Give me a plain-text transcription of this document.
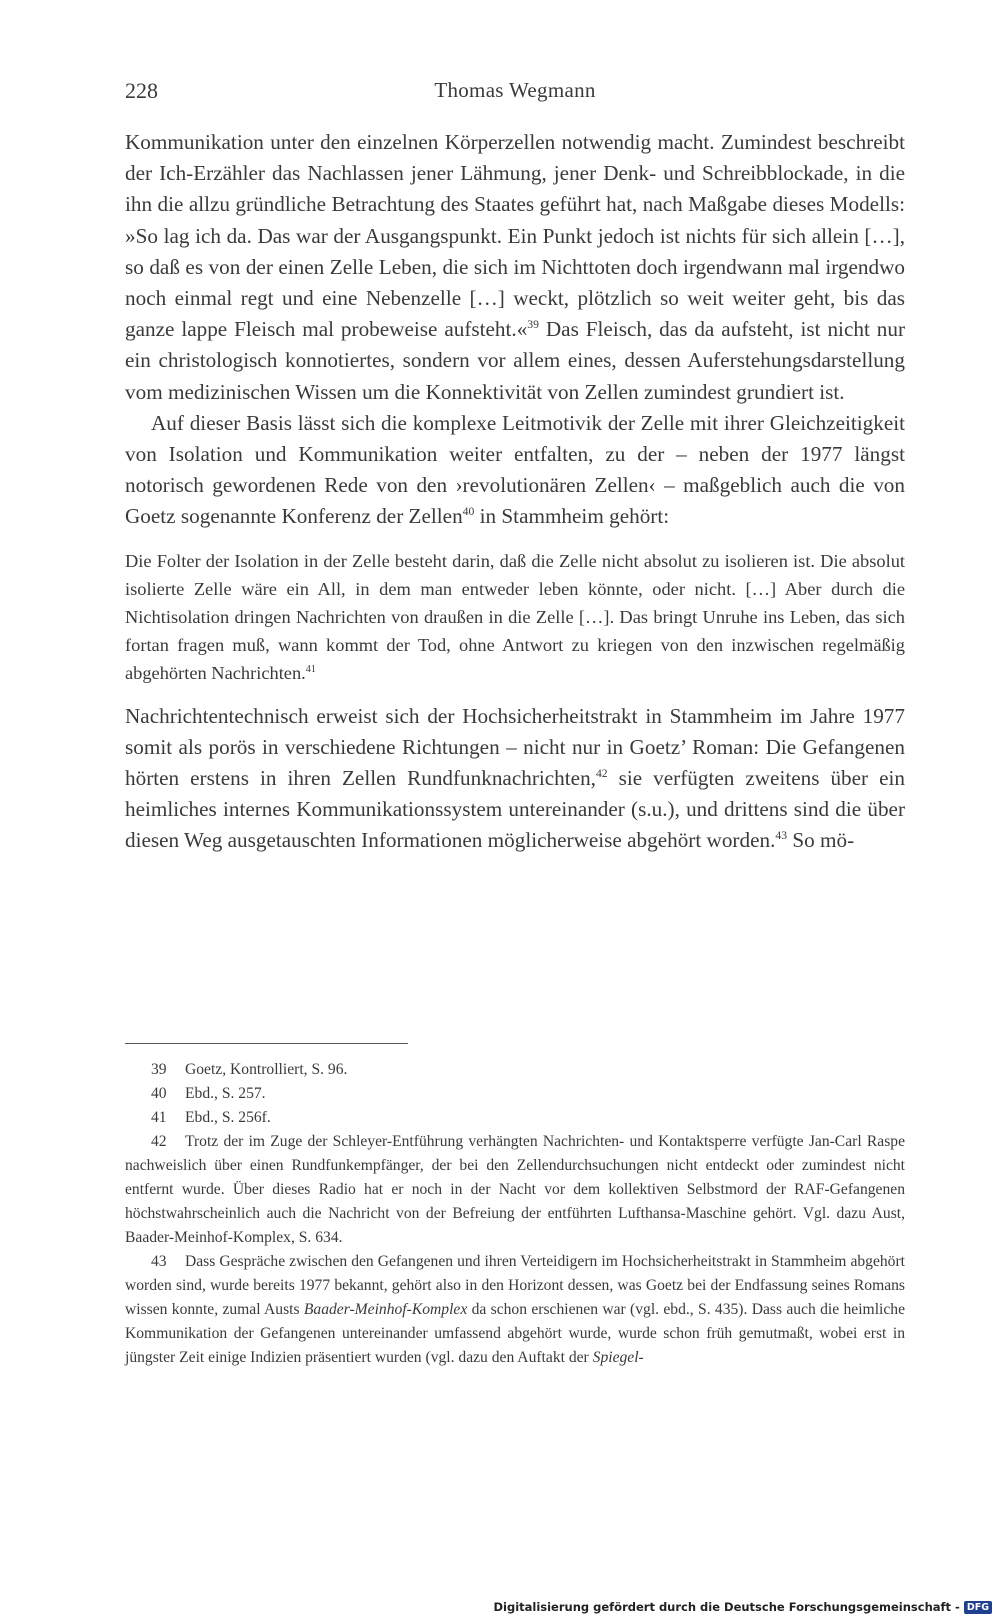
228	Thomas Wegmann

Kommunikation unter den einzelnen Körperzellen notwendig macht. Zumindest beschreibt der Ich-Erzähler das Nachlassen jener Lähmung, jener Denk- und Schreibblockade, in die ihn die allzu gründliche Betrachtung des Staates geführt hat, nach Maßgabe dieses Modells: »So lag ich da. Das war der Ausgangspunkt. Ein Punkt jedoch ist nichts für sich allein […], so daß es von der einen Zelle Leben, die sich im Nichttoten doch irgendwann mal irgendwo noch einmal regt und eine Nebenzelle […] weckt, plötzlich so weit weiter geht, bis das ganze lappe Fleisch mal probeweise aufsteht.«$^{39}$ Das Fleisch, das da aufsteht, ist nicht nur ein christologisch konnotiertes, sondern vor allem eines, dessen Auferstehungsdarstellung vom medizinischen Wissen um die Konnektivität von Zellen zumindest grundiert ist.

Auf dieser Basis lässt sich die komplexe Leitmotivik der Zelle mit ihrer Gleichzeitigkeit von Isolation und Kommunikation weiter entfalten, zu der – neben der 1977 längst notorisch gewordenen Rede von den ›revolutionären Zellen‹ – maßgeblich auch die von Goetz sogenannte Konferenz der Zellen$^{40}$ in Stammheim gehört:

Die Folter der Isolation in der Zelle besteht darin, daß die Zelle nicht absolut zu isolieren ist. Die absolut isolierte Zelle wäre ein All, in dem man entweder leben könnte, oder nicht. […] Aber durch die Nichtisolation dringen Nachrichten von draußen in die Zelle […]. Das bringt Unruhe ins Leben, das sich fortan fragen muß, wann kommt der Tod, ohne Antwort zu kriegen von den inzwischen regelmäßig abgehörten Nachrichten.$^{41}$

Nachrichtentechnisch erweist sich der Hochsicherheitstrakt in Stammheim im Jahre 1977 somit als porös in verschiedene Richtungen – nicht nur in Goetz’ Roman: Die Gefangenen hörten erstens in ihren Zellen Rundfunknachrichten,$^{42}$ sie verfügten zweitens über ein heimliches internes Kommunikationssystem untereinander (s.u.), und drittens sind die über diesen Weg ausgetauschten Informationen möglicherweise abgehört worden.$^{43}$ So mö-

39 Goetz, Kontrolliert, S. 96.

40 Ebd., S. 257.

41 Ebd., S. 256f.

42 Trotz der im Zuge der Schleyer-Entführung verhängten Nachrichten- und Kontaktsperre verfügte Jan-Carl Raspe nachweislich über einen Rundfunkempfänger, der bei den Zellendurchsuchungen nicht entdeckt oder zumindest nicht entfernt wurde. Über dieses Radio hat er noch in der Nacht vor dem kollektiven Selbstmord der RAF-Gefangenen höchstwahrscheinlich auch die Nachricht von der Befreiung der entführten Lufthansa-Maschine gehört. Vgl. dazu Aust, Baader-Meinhof-Komplex, S. 634.

43 Dass Gespräche zwischen den Gefangenen und ihren Verteidigern im Hochsicherheitstrakt in Stammheim abgehört worden sind, wurde bereits 1977 bekannt, gehört also in den Horizont dessen, was Goetz bei der Endfassung seines Romans wissen konnte, zumal Austs Baader-Meinhof-Komplex da schon erschienen war (vgl. ebd., S. 435). Dass auch die heimliche Kommunikation der Gefangenen untereinander umfassend abgehört wurde, wurde schon früh gemutmaßt, wobei erst in jüngster Zeit einige Indizien präsentiert wurden (vgl. dazu den Auftakt der Spiegel-

Digitalisierung gefördert durch die Deutsche Forschungsgemeinschaft - DFG
